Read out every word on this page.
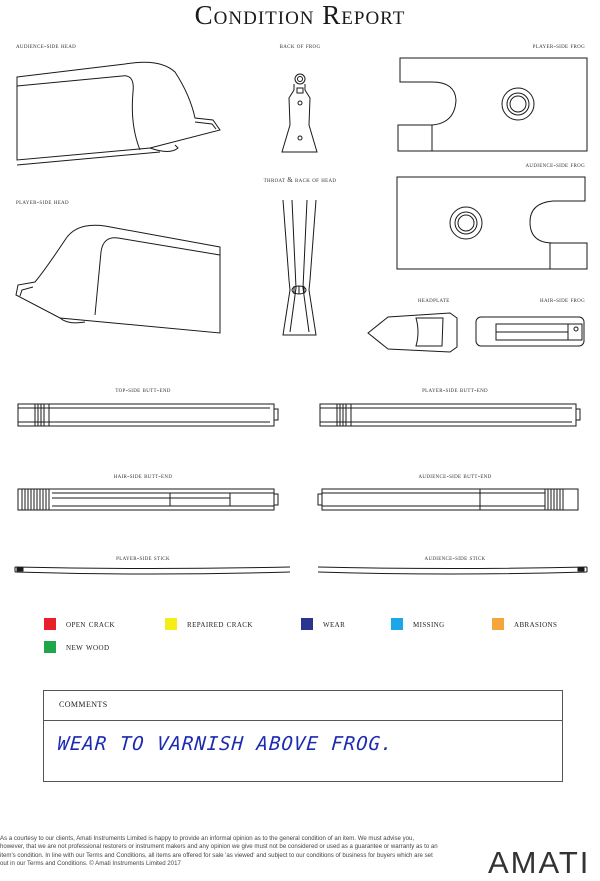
Condition Report
audience-side head	back of frog	player-side frog
audience-side frog
throat & back of head
player-side head
headplate	hair-side frog
top-side butt-end	player-side butt-end
hair-side butt-end	audience-side butt-end
player-side stick	audience-side stick
open crack	repaired crack	wear	missing	abrasions
new wood
comments
WEAR TO VARNISH ABOVE FROG.
As a courtesy to our clients, Amati Instruments Limited is happy to provide an informal opinion as to the general condition of an item. We must advise you, however, that we are not professional restorers or instrument makers and any opinion we give must not be considered or used as a guarantee or warranty as to an item's condition. In line with our Terms and Conditions, all items are offered for sale 'as viewed' and subject to our conditions of business for buyers which are set out in our Terms and Conditions. © Amati Instruments Limited 2017	AMATI
